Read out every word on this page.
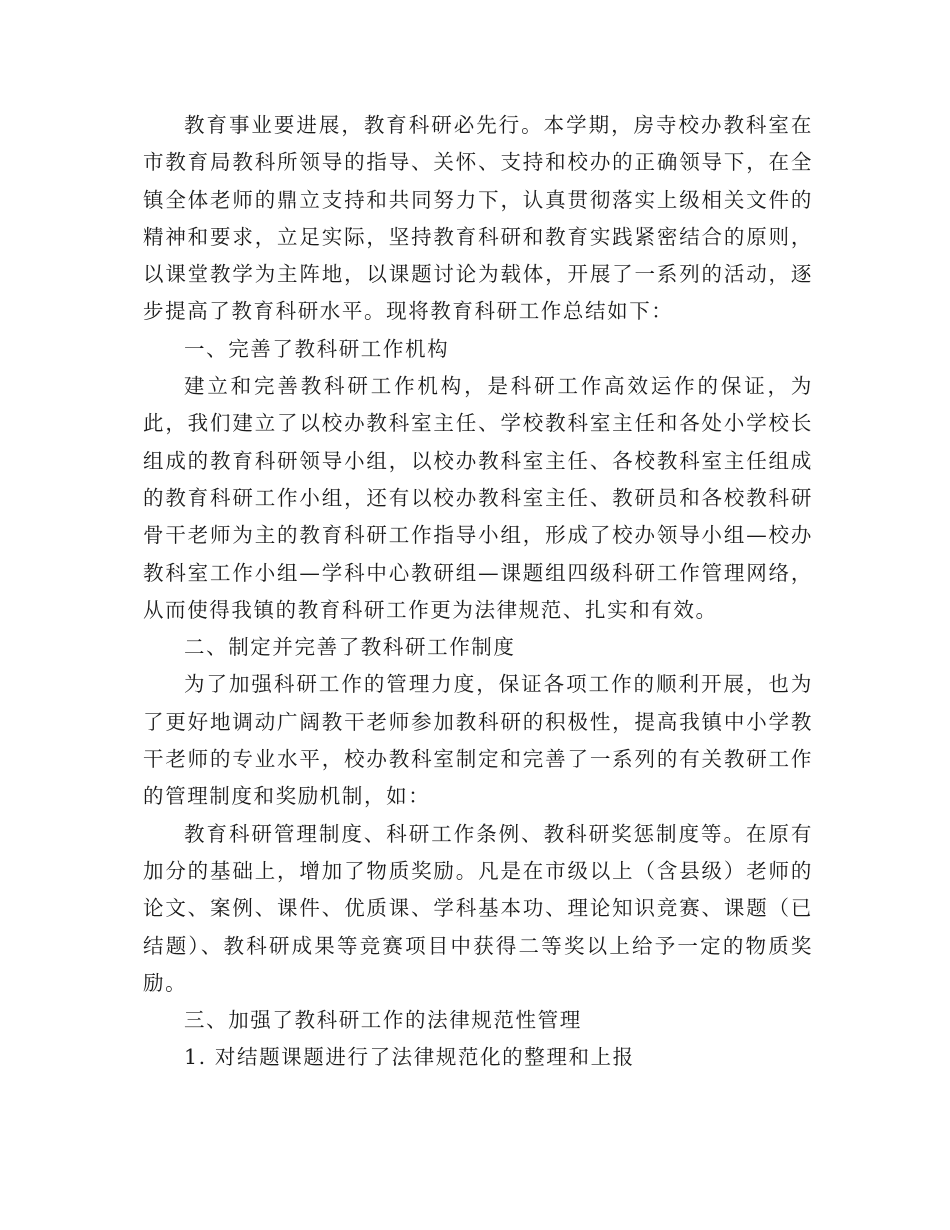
教育事业要进展，教育科研必先行。本学期，房寺校办教科室在市教育局教科所领导的指导、关怀、支持和校办的正确领导下，在全镇全体老师的鼎立支持和共同努力下，认真贯彻落实上级相关文件的精神和要求，立足实际，坚持教育科研和教育实践紧密结合的原则，以课堂教学为主阵地，以课题讨论为载体，开展了一系列的活动，逐步提高了教育科研水平。现将教育科研工作总结如下：

一、完善了教科研工作机构

建立和完善教科研工作机构，是科研工作高效运作的保证，为此，我们建立了以校办教科室主任、学校教科室主任和各处小学校长组成的教育科研领导小组，以校办教科室主任、各校教科室主任组成的教育科研工作小组，还有以校办教科室主任、教研员和各校教科研骨干老师为主的教育科研工作指导小组，形成了校办领导小组—校办教科室工作小组—学科中心教研组—课题组四级科研工作管理网络，从而使得我镇的教育科研工作更为法律规范、扎实和有效。

二、制定并完善了教科研工作制度

为了加强科研工作的管理力度，保证各项工作的顺利开展，也为了更好地调动广阔教干老师参加教科研的积极性，提高我镇中小学教干老师的专业水平，校办教科室制定和完善了一系列的有关教研工作的管理制度和奖励机制，如：

教育科研管理制度、科研工作条例、教科研奖惩制度等。在原有加分的基础上，增加了物质奖励。凡是在市级以上（含县级）老师的论文、案例、课件、优质课、学科基本功、理论知识竞赛、课题（已结题）、教科研成果等竞赛项目中获得二等奖以上给予一定的物质奖励。

三、加强了教科研工作的法律规范性管理

1. 对结题课题进行了法律规范化的整理和上报
